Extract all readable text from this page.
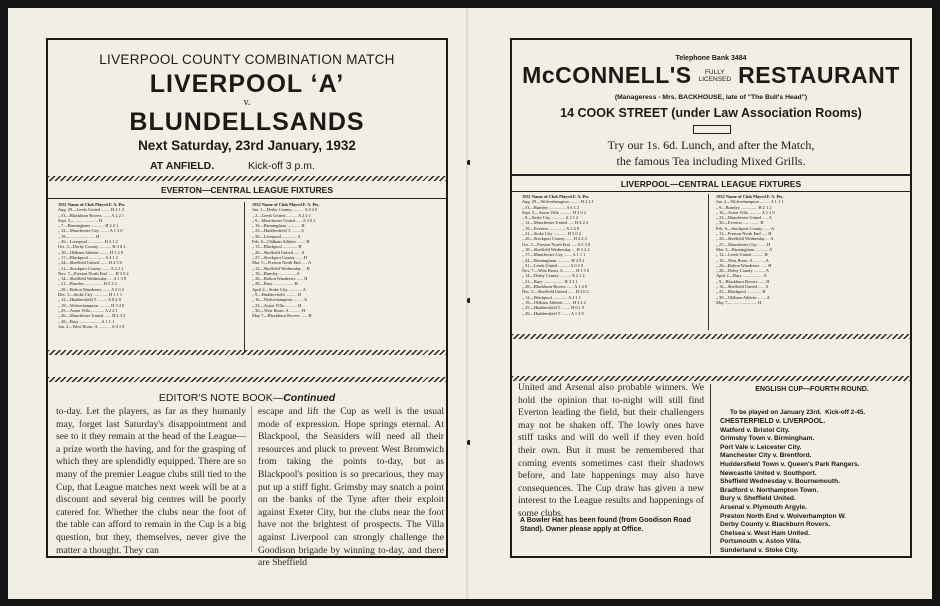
LIVERPOOL COUNTY COMBINATION MATCH
LIVERPOOL ‘A’
v.
BLUNDELLSANDS
Next Saturday, 23rd January, 1932
AT ANFIELD.	Kick-off 3 p.m.
EVERTON—CENTRAL LEAGUE FIXTURES
1931 Name of Club Played F. A. Pts.
Aug. 29—Leeds United ........ H 4 1 2
„ 31—Blackburn Rovers ....... A 2 2 1
Sept. 5— .................... H
„ 7—Birmingham ............ H 2 2 1
„ 12—Manchester City ........ A 1 3 0
„ 19— ...................... H
„ 26—Liverpool .............. H 4 1 2
Oct. 3—Derby County ........... H 3 0 2
„ 10—Oldham Athletic ........ H 1 2 0
„ 17—Blackpool .............. A 4 1 2
„ 24—Sheffield United ....... H 2 5 0
„ 31—Stockport County ....... A 2 2 1
Nov. 7—Preston North End ...... H 3 0 2
„ 14—Sheffield Wednesday .... A 1 3 0
„ 21—Burnley ................ H 5 2 2
„ 28—Bolton Wanderers ....... A 2 0 2
Dec. 5—Stoke City ............. H 1 1 1
„ 12—Huddersfield T. ........ A 0 2 0
„ 19—Wolverhampton .......... H 3 4 0
„ 25—Aston Villa ............ A 2 2 1
„ 26—Manchester United ...... H 4 3 2
„ 28—Bury ................... A 1 1 1
Jan. 2—West Brom. A. .......... A 0 1 0
1932 Name of Club Played F. A. Pts.
Jan. 1—Derby County .......... A 0 2 0
„ 2—Leeds United .......... A 2 2 1
„ 9—Manchester United ..... A 3 0 2
„ 16—Birmingham ............ H
„ 23—Huddersfield T. ....... A
„ 30—Liverpool ............. A
Feb. 6—Oldham Athletic ....... H
„ 13—Blackpool ............. H
„ 20—Sheffield United ...... A
„ 27—Stockport County ...... H
Mar. 5—Preston North End ..... A
„ 12—Sheffield Wednesday ... H
„ 19—Burnley ............... A
„ 26—Bolton Wanderers ...... H
„ 28—Bury .................. H
April 2—Stoke City ............ A
„ 9—Huddersfield .......... H
„ 16—Wolverhampton ......... A
„ 23—Aston Villa ........... H
„ 30—West Brom. A. ......... H
May 7—Blackburn Rovers ...... H
EDITOR'S NOTE BOOK—Continued
to-day. Let the players, as far as they humanly may, forget last Saturday's disappointment and see to it they remain at the head of the League—a prize worth the having, and for the grasping of which they are splendidly equipped. There are so many of the premier League clubs still tied to the Cup, that League matches next week will be at a discount and several big centres will be poorly catered for. Whether the clubs near the foot of the table can afford to remain in the Cup is a big question, but they, themselves, never give the matter a thought. They can
escape and lift the Cup as well is the usual mode of expression. Hope springs eternal. At Blackpool, the Seasiders will need all their resources and pluck to prevent West Bromwich from taking the points to-day, but as Blackpool's position is so precarious, they may put up a stiff fight. Grimsby may snatch a point on the banks of the Tyne after their exploit against Exeter City, but the clubs near the foot have not the brightest of prospects. The Villa against Liverpool can strongly challenge the Goodison brigade by winning to-day, and there are Sheffield
Telephone Bank 3484
McCONNELL'S FULLY
LICENSED RESTAURANT
(Manageress - Mrs. BACKHOUSE, late of "The Bull's Head")
14 COOK STREET (under Law Association Rooms)
Try our 1s. 6d. Lunch, and after the Match,
the famous Tea including Mixed Grills.
LIVERPOOL—CENTRAL LEAGUE FIXTURES
1931 Name of Club Played F. A. Pts.
Aug. 29—Wolverhampton ......... H 2 2 1
„ 31—Burnley ............... A 6 1 2
Sept. 5—Aston Villa ........... H 3 0 2
„ 9—Stoke City ............ A 2 1 2
„ 12—Manchester United ..... H 4 2 2
„ 19—Everton ............... A 1 4 0
„ 21—Stoke City ............ H 3 0 2
„ 26—Stockport County ...... H 4 2 2
Oct. 3—Preston North End ..... A 2 3 0
„ 10—Sheffield Wednesday ... H 3 2 2
„ 17—Manchester City ....... A 1 1 1
„ 24—Birmingham ............ H 4 0 2
„ 31—Leeds United .......... A 0 2 0
Nov. 7—West Brom. A. ......... H 1 3 0
„ 14—Derby County .......... A 2 1 2
„ 21—Bury .................. H 3 3 1
„ 28—Blackburn Rovers ...... A 1 4 0
Dec. 5—Sheffield United ...... H 2 0 2
„ 12—Blackpool ............. A 1 1 1
„ 19—Oldham Athletic ....... H 3 2 2
„ 25—Huddersfield T. ....... H 0 1 0
„ 26—Huddersfield T. ....... A 1 3 0
1932 Name of Club Played F. A. Pts.
Jan. 2—Wolverhampton ......... A 1 1 1
„ 9—Burnley ............... H 2 1 2
„ 16—Aston Villa ........... A 1 3 0
„ 23—Manchester United ..... A
„ 30—Everton ............... H
Feb. 6—Stockport County ...... A
„ 13—Preston North End ..... H
„ 20—Sheffield Wednesday ... A
„ 27—Manchester City ....... H
Mar. 5—Birmingham ............ A
„ 12—Leeds United .......... H
„ 19—West Brom. A. ......... A
„ 26—Bolton Wanderers ...... H
„ 28—Derby County .......... A
April 2—Bury .................. A
„ 9—Blackburn Rovers ...... H
„ 16—Sheffield United ...... A
„ 23—Blackpool ............. H
„ 30—Oldham Athletic ....... A
May 7— ...................... H
United and Arsenal also probable winners. We hold the opinion that to-night will still find Everton leading the field, but their challengers may not be shaken off. The lowly ones have stiff tasks and will do well if they even hold their own. But it must be remembered that coming events sometimes cast their shadows before, and late happenings may also have consequences. The Cup draw has given a new interest to the League results and happenings of some clubs.
A Bowler Hat has been found (from Goodison Road Stand). Owner please apply at Office.
ENGLISH CUP—FOURTH ROUND.
To be played on January 23rd. Kick-off 2-45.
CHESTERFIELD v. LIVERPOOL.
Watford v. Bristol City.
Grimsby Town v. Birmingham.
Port Vale v. Leicester City.
Manchester City v. Brentford.
Huddersfield Town v. Queen's Park Rangers.
Newcastle United v. Southport.
Sheffield Wednesday v. Bournemouth.
Bradford v. Northampton Town.
Bury v. Sheffield United.
Arsenal v. Plymouth Argyle.
Preston North End v. Wolverhampton W.
Derby County v. Blackburn Rovers.
Chelsea v. West Ham United.
Portsmouth v. Aston Villa.
Sunderland v. Stoke City.
